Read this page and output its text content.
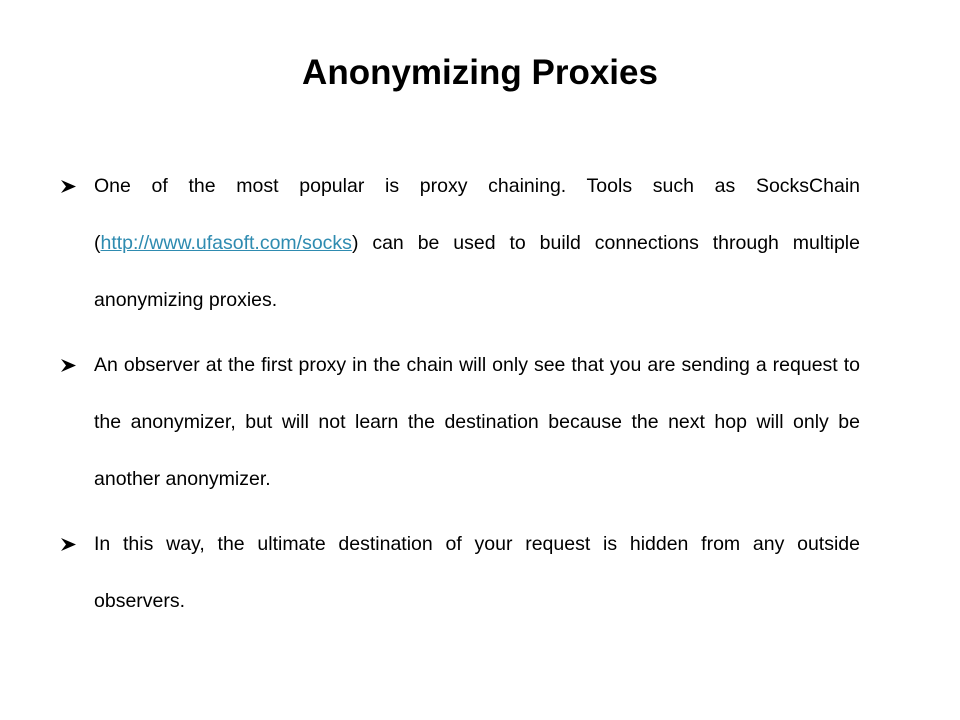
Anonymizing Proxies
One of the most popular is proxy chaining. Tools such as SocksChain (http://www.ufasoft.com/socks) can be used to build connections through multiple anonymizing proxies.
An observer at the first proxy in the chain will only see that you are sending a request to the anonymizer, but will not learn the destination because the next hop will only be another anonymizer.
In this way, the ultimate destination of your request is hidden from any outside observers.
